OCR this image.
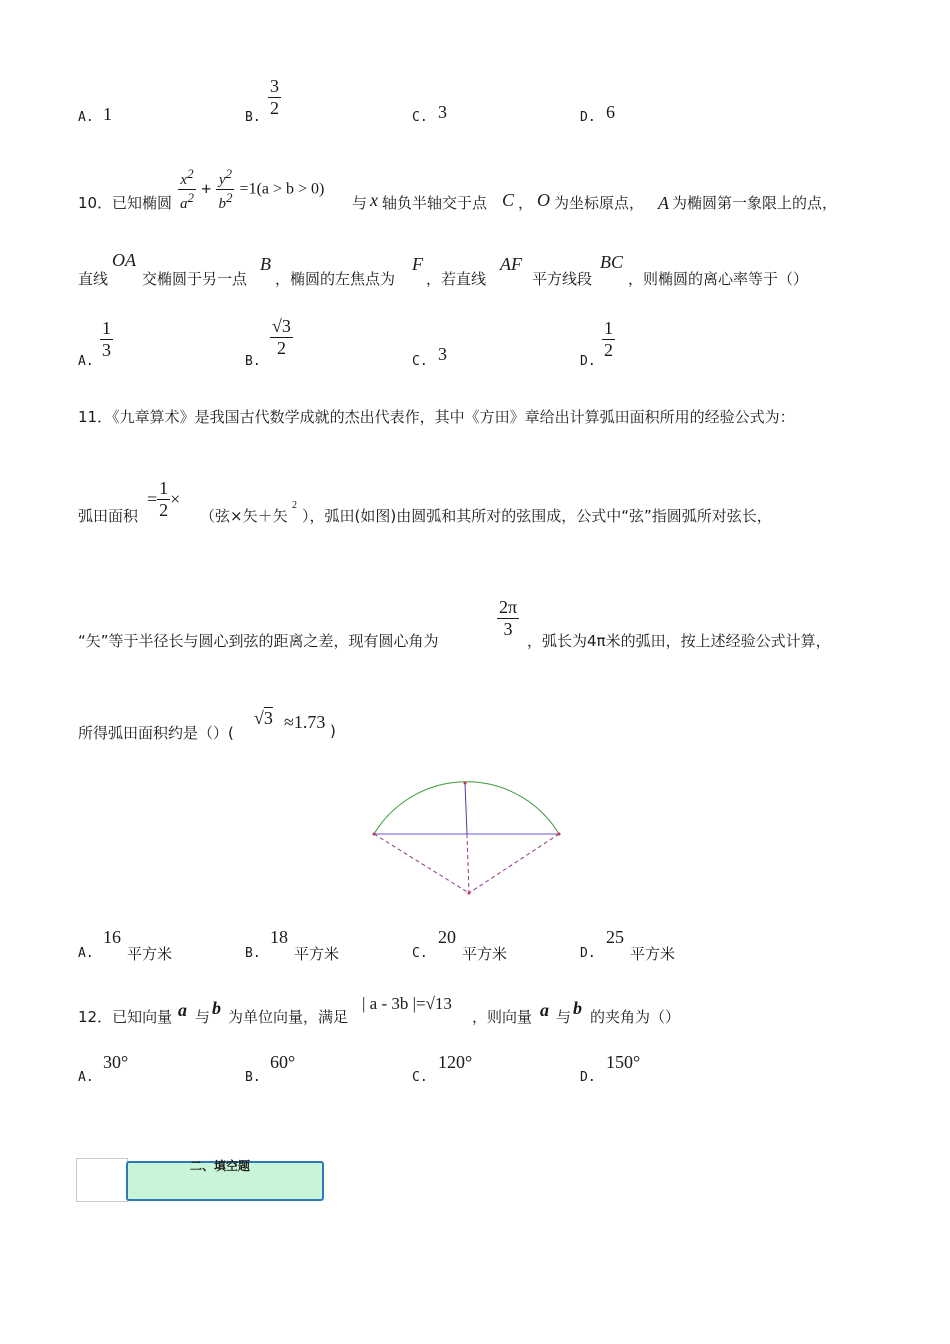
A. 1	B. $\frac{3}{2}$	C. 3	D. 6
10． 已知椭圆 $\frac{x^2}{a^2} + \frac{y^2}{b^2} =1(a > b > 0)$
与 x 轴负半轴交于点 C ， O 为坐标原点， A 为椭圆第一象限上的点，
直线
OA
交椭圆于另一点
B
，椭圆的左焦点为
F
，若直线
AF
平方线段
BC
，则椭圆的离心率等于（）
A.
$\frac{1}{3}$
B.
$\frac{√3}{2}$
C. 3	D.
$\frac{1}{2}$
11．《九章算术》是我国古代数学成就的杰出代表作，其中《方田》章给出计算弧田面积所用的经验公式为：
弧田面积
= $\frac{1}{2}$ ×
（弦×矢＋矢
2
），弧田(如图)由圆弧和其所对的弦围成，公式中“弦”指圆弧所对弦长，
“矢”等于半径长与圆心到弦的距离之差，现有圆心角为
$\frac{2\pi}{3}$
，弧长为4π米的弧田，按上述经验公式计算，
所得弧田面积约是（）(
√3 ≈1.73 )
A.
16
平方米	B.
18
平方米	C.
20
平方米	D.
25
平方米
12．已知向量 a 与 b 为单位向量，满足
| a - 3b |=√13
，则向量 a 与 b 的夹角为（）
A.
30°
B.
60°
C.
120°
D.
150°
二、填空题
